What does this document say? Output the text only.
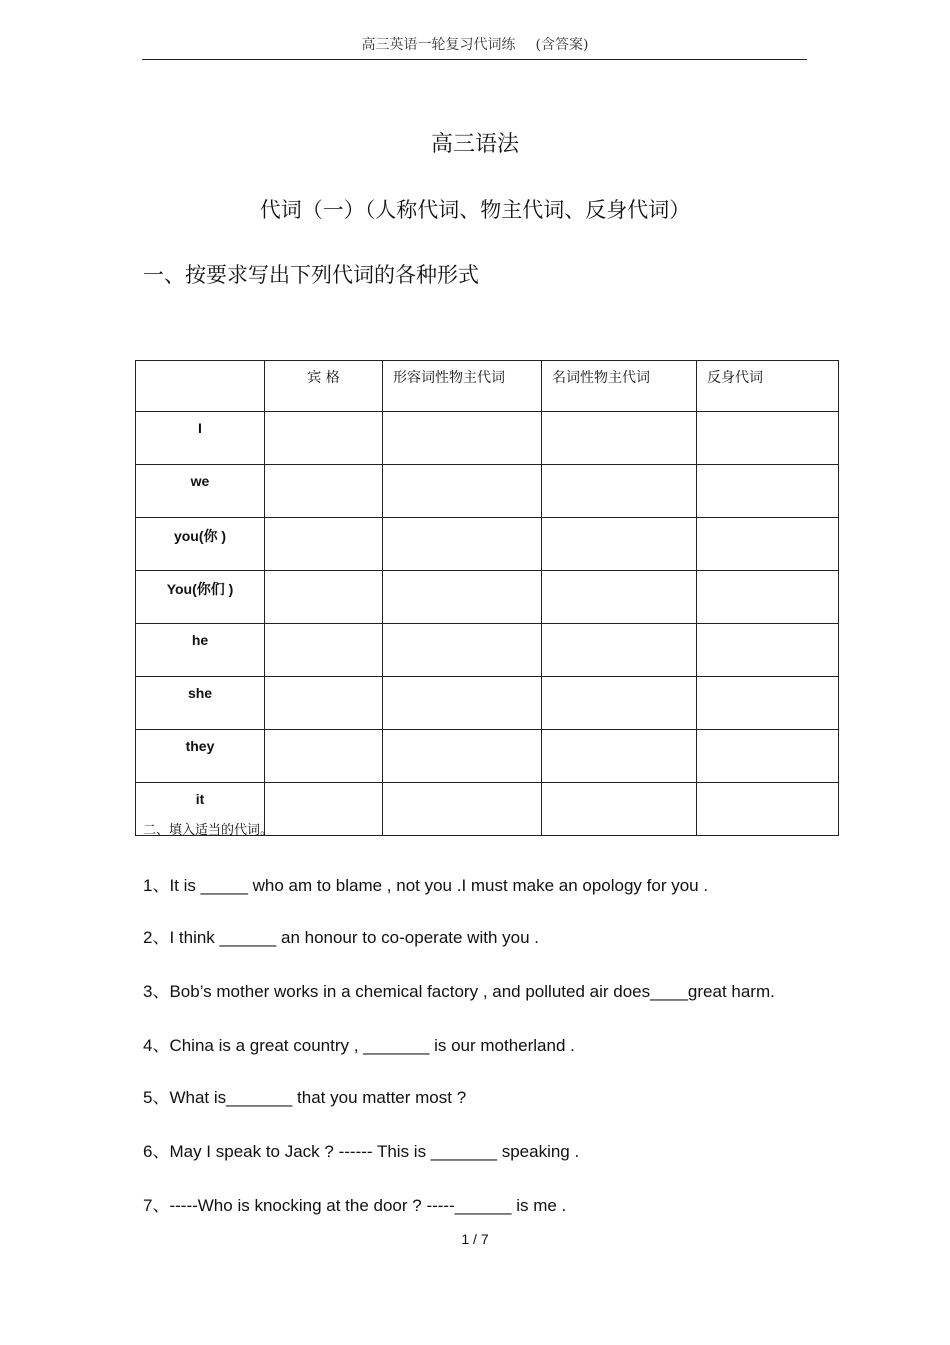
高三英语一轮复习代词练 (含答案)
高三语法
代词（一）（人称代词、物主代词、反身代词）
一、按要求写出下列代词的各种形式
	宾 格	形容词性物主代词	名词性物主代词	反身代词
I				
we				
you(你 )				
You(你们 )				
he				
she				
they				
it				
二、填入适当的代词。
1、It is _____ who am to blame , not you .I must make an opology for you .
2、I think ______ an honour to co-operate with you .
3、Bob’s mother works in a chemical factory , and polluted air does____great harm.
4、China is a great country , _______ is our motherland .
5、What is_______ that you matter most ?
6、May I speak to Jack ? ------ This is _______ speaking .
7、-----Who is knocking at the door ? -----______ is me .
1 / 7
